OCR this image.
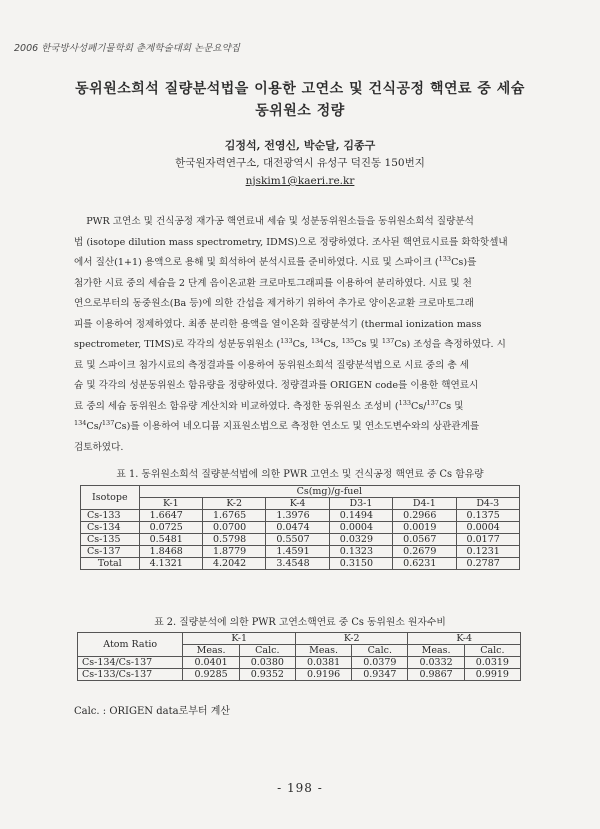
2006 한국방사성폐기물학회 춘계학술대회 논문요약집
동위원소희석 질량분석법을 이용한 고연소 및 건식공정 핵연료 중 세슘
동위원소 정량
김정석, 전영신, 박순달, 김종구
한국원자력연구소, 대전광역시 유성구 덕진동 150번지
njskim1@kaeri.re.kr

PWR 고연소 및 건식공정 재가공 핵연료내 세슘 및 성분동위원소들을 동위원소희석 질량분석

법 (isotope dilution mass spectrometry, IDMS)으로 정량하였다. 조사된 핵연료시료를 화학핫셀내

에서 질산(1+1) 용액으로 용해 및 희석하여 분석시료를 준비하였다. 시료 및 스파이크 ($^{133}$Cs)를

첨가한 시료 중의 세슘을 2 단계 음이온교환 크로마토그래피를 이용하여 분리하였다. 시료 및 천

연으로부터의 동중원소(Ba 등)에 의한 간섭을 제거하기 위하여 추가로 양이온교환 크로마토그래

피를 이용하여 정제하였다. 최종 분리한 용액을 열이온화 질량분석기 (thermal ionization mass

spectrometer, TIMS)로 각각의 성분동위원소 ($^{133}$Cs, $^{134}$Cs, $^{135}$Cs 및 $^{137}$Cs) 조성을 측정하였다. 시

료 및 스파이크 첨가시료의 측정결과를 이용하여 동위원소희석 질량분석법으로 시료 중의 총 세

슘 및 각각의 성분동위원소 함유량을 정량하였다. 정량결과를 ORIGEN code를 이용한 핵연료시

료 중의 세슘 동위원소 함유량 계산치와 비교하였다. 측정한 동위원소 조성비 ($^{133}$Cs/$^{137}$Cs 및

$^{134}$Cs/$^{137}$Cs)를 이용하여 네오디뮴 지표원소법으로 측정한 연소도 및 연소도변수와의 상관관계를

검토하였다.

표 1. 동위원소희석 질량분석법에 의한 PWR 고연소 및 건식공정 핵연료 중 Cs 함유량
Isotope	Cs(mg)/g-fuel					
	K-1	K-2	K-4	D3-1	D4-1	D4-3
Cs-133	1.6647	1.6765	1.3976	0.1494	0.2966	0.1375
Cs-134	0.0725	0.0700	0.0474	0.0004	0.0019	0.0004
Cs-135	0.5481	0.5798	0.5507	0.0329	0.0567	0.0177
Cs-137	1.8468	1.8779	1.4591	0.1323	0.2679	0.1231
Total	4.1321	4.2042	3.4548	0.3150	0.6231	0.2787
표 2. 질량분석에 의한 PWR 고연소핵연료 중 Cs 동위원소 원자수비
Atom Ratio	K-1		K-2		K-4	
	Meas.	Calc.	Meas.	Calc.	Meas.	Calc.
Cs-134/Cs-137	0.0401	0.0380	0.0381	0.0379	0.0332	0.0319
Cs-133/Cs-137	0.9285	0.9352	0.9196	0.9347	0.9867	0.9919
Calc. : ORIGEN data로부터 계산
- 198 -
